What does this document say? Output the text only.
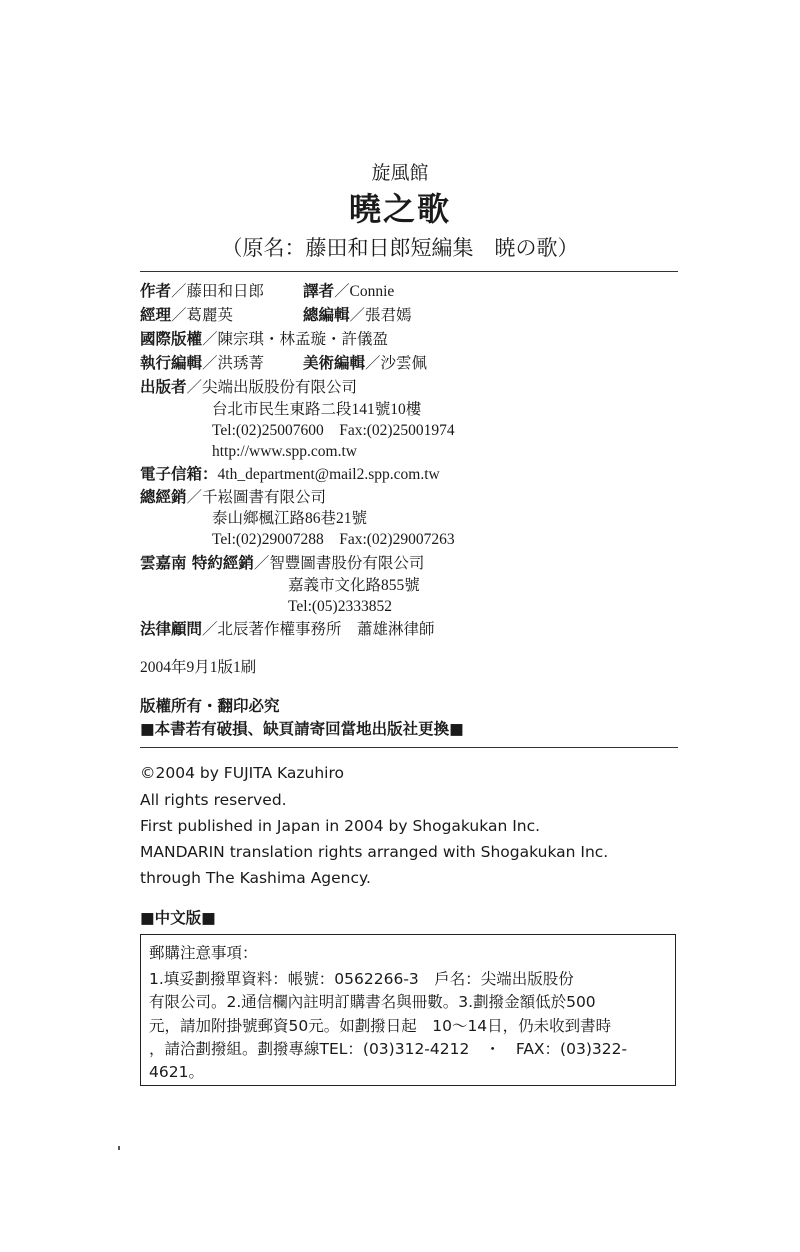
旋風館
曉之歌
（原名：藤田和日郎短編集　暁の歌）
作者／藤田和日郎	譯者／Connie
經理／葛麗英	總編輯／張君嫣
國際版權／陳宗琪・林孟璇・許儀盈
執行編輯／洪琇菁	美術編輯／沙雲佩
出版者／尖端出版股份有限公司
台北市民生東路二段141號10樓
Tel:(02)25007600　Fax:(02)25001974
http://www.spp.com.tw
電子信箱：4th_department@mail2.spp.com.tw
總經銷／千崧圖書有限公司
泰山鄉楓江路86巷21號
Tel:(02)29007288　Fax:(02)29007263
雲嘉南 特約經銷／智豐圖書股份有限公司
嘉義市文化路855號
Tel:(05)2333852
法律顧問／北辰著作權事務所　蕭雄淋律師
2004年9月1版1刷
版權所有・翻印必究
■本書若有破損、缺頁請寄回當地出版社更換■
©2004 by FUJITA Kazuhiro
All rights reserved.
First published in Japan in 2004 by Shogakukan Inc.
MANDARIN translation rights arranged with Shogakukan Inc.
through The Kashima Agency.
■中文版■
郵購注意事項：
1.填妥劃撥單資料：帳號：0562266-3　戶名：尖端出版股份
有限公司。2.通信欄內註明訂購書名與冊數。3.劃撥金額低於500
元，請加附掛號郵資50元。如劃撥日起　10～14日，仍未收到書時
，請洽劃撥組。劃撥專線TEL：(03)312-4212　・　FAX：(03)322-
4621。
